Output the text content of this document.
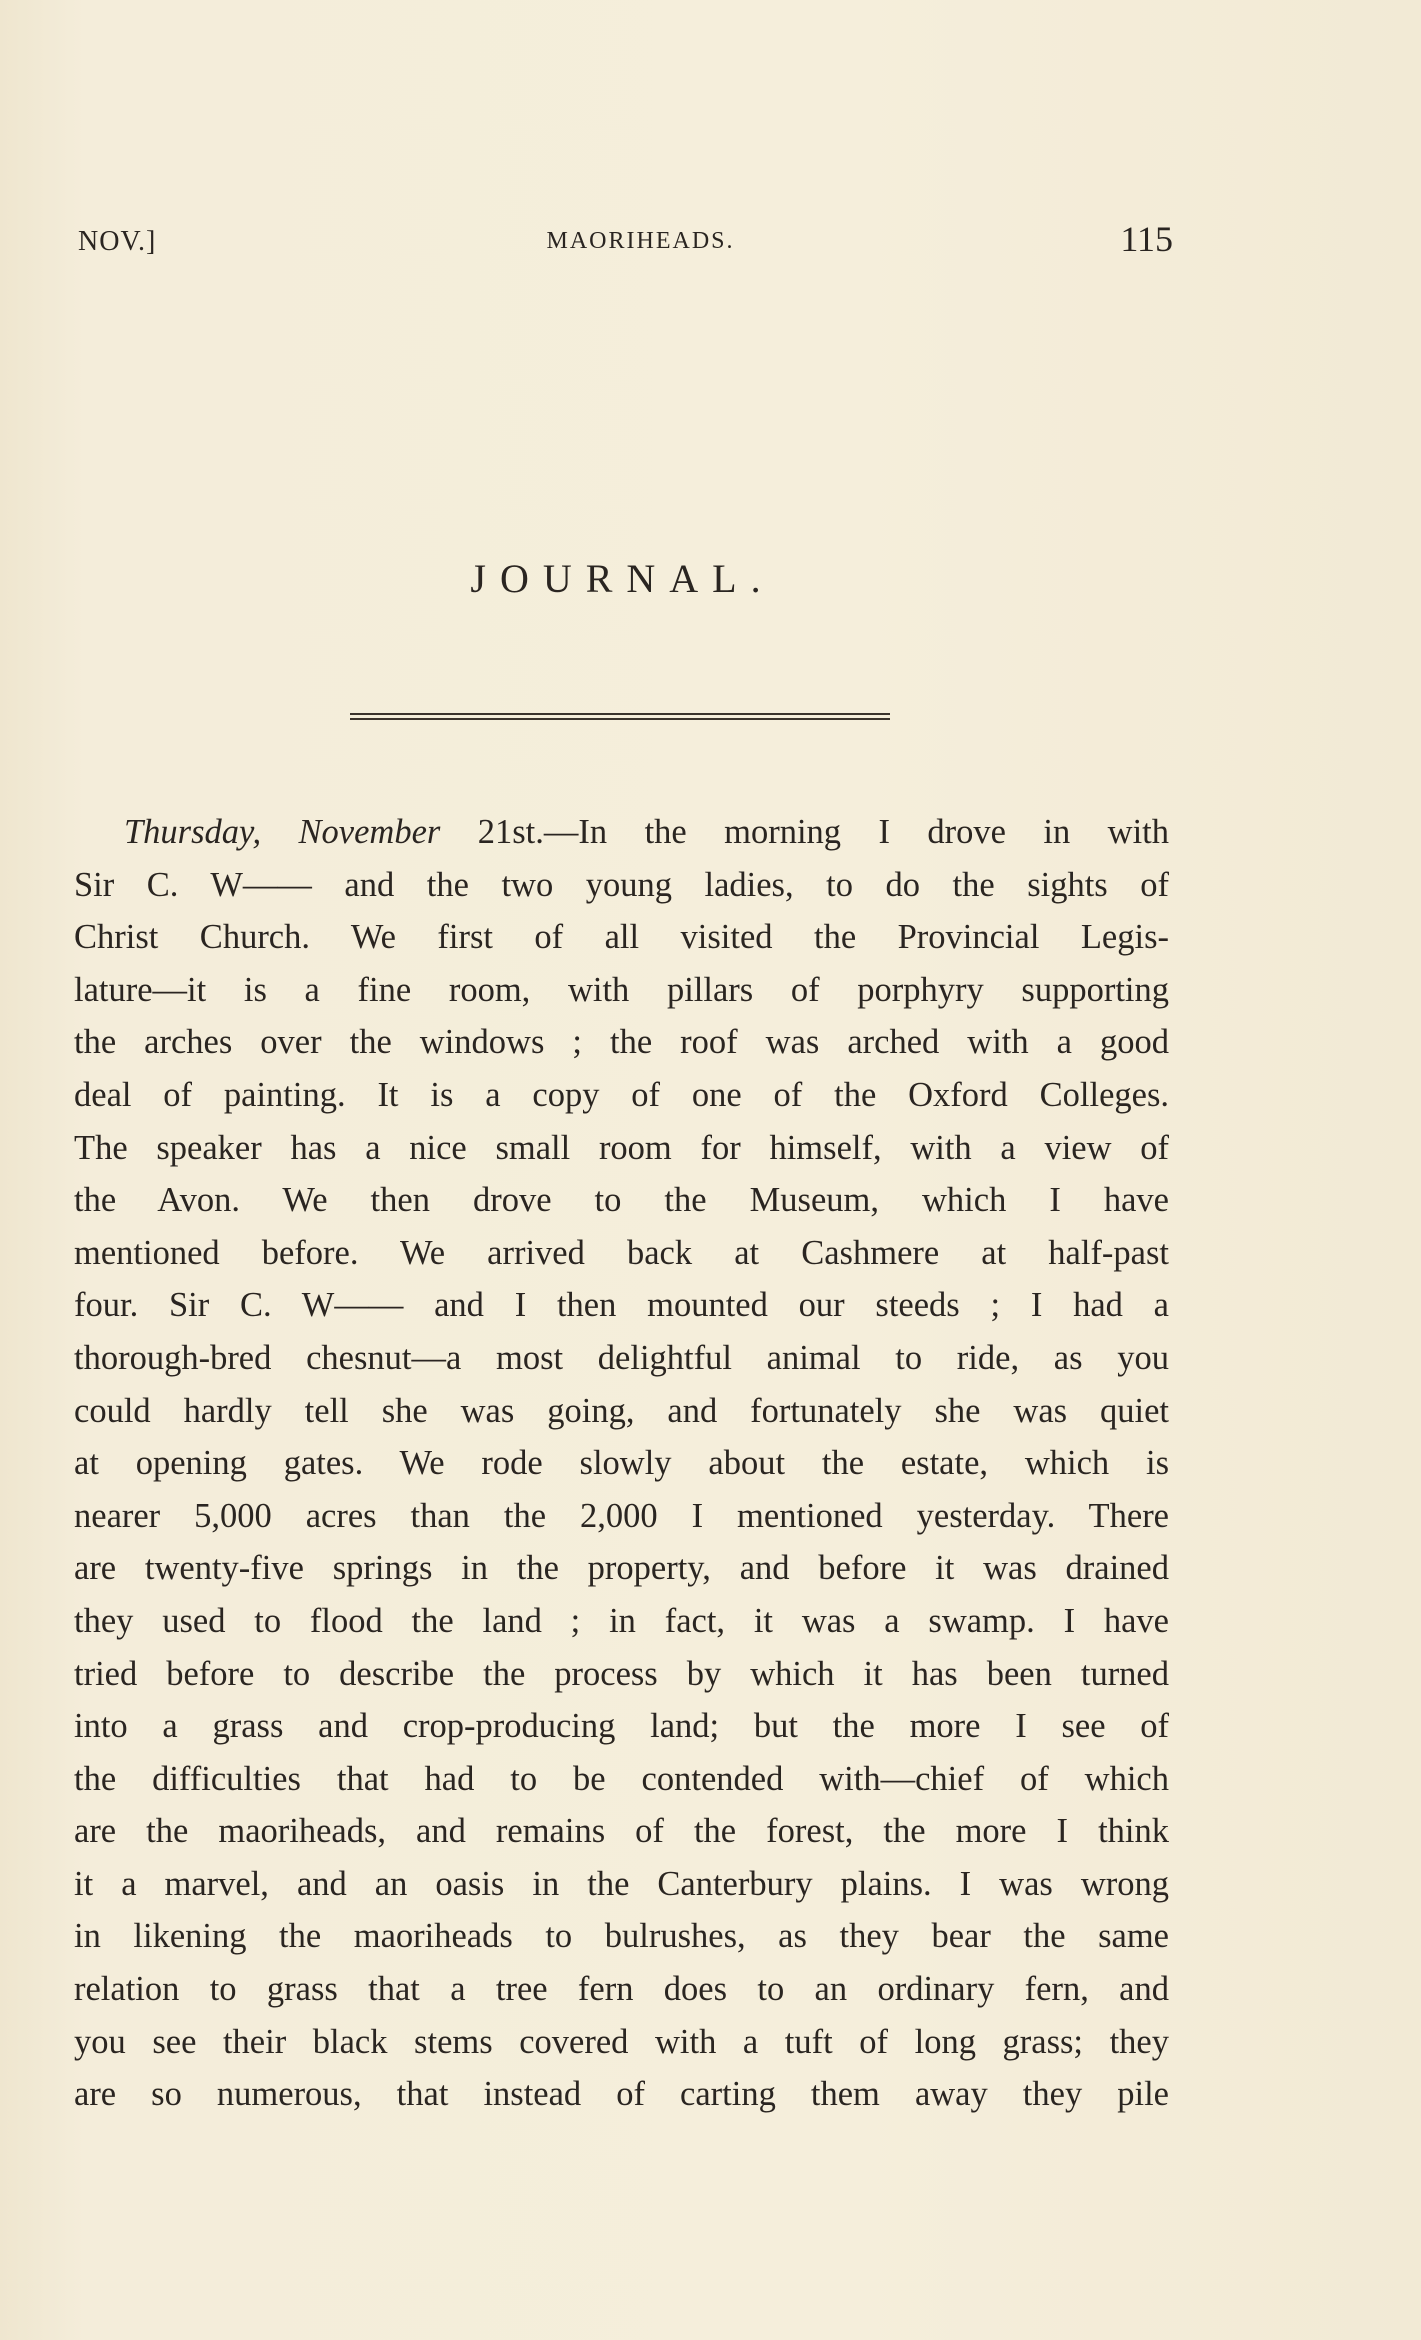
NOV.]	MAORIHEADS.	115
JOURNAL.
Thursday, November 21st.—In the morning I drove in with
Sir C. W—— and the two young ladies, to do the sights of
Christ Church. We first of all visited the Provincial Legis-
lature—it is a fine room, with pillars of porphyry supporting
the arches over the windows ; the roof was arched with a good
deal of painting. It is a copy of one of the Oxford Colleges.
The speaker has a nice small room for himself, with a view of
the Avon. We then drove to the Museum, which I have
mentioned before. We arrived back at Cashmere at half-past
four. Sir C. W—— and I then mounted our steeds ; I had a
thorough-bred chesnut—a most delightful animal to ride, as you
could hardly tell she was going, and fortunately she was quiet
at opening gates. We rode slowly about the estate, which is
nearer 5,000 acres than the 2,000 I mentioned yesterday. There
are twenty-five springs in the property, and before it was drained
they used to flood the land ; in fact, it was a swamp. I have
tried before to describe the process by which it has been turned
into a grass and crop-producing land; but the more I see of
the difficulties that had to be contended with—chief of which
are the maoriheads, and remains of the forest, the more I think
it a marvel, and an oasis in the Canterbury plains. I was wrong
in likening the maoriheads to bulrushes, as they bear the same
relation to grass that a tree fern does to an ordinary fern, and
you see their black stems covered with a tuft of long grass; they
are so numerous, that instead of carting them away they pile
